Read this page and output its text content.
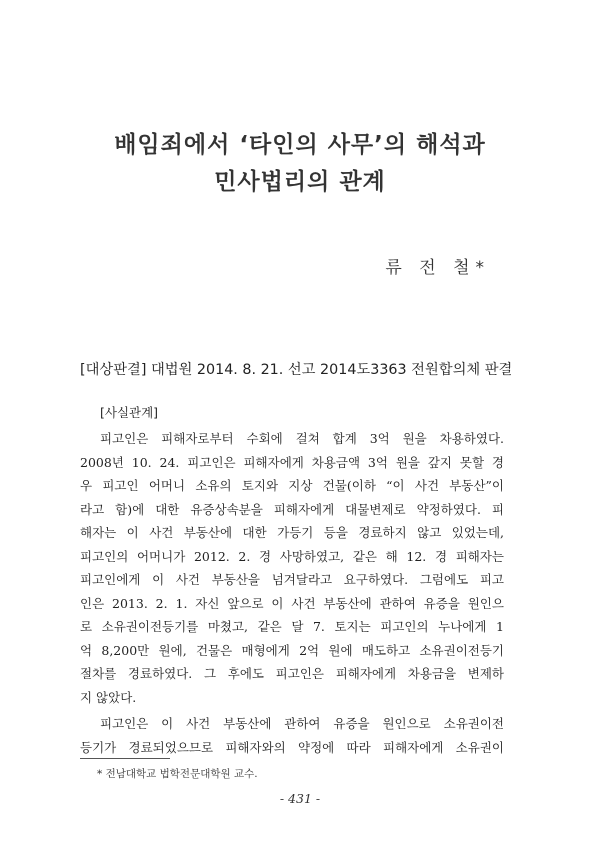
배임죄에서 ‘타인의 사무’의 해석과
민사법리의 관계
류 전 철*
[대상판결] 대법원 2014. 8. 21. 선고 2014도3363 전원합의체 판결
[사실관계]
피고인은 피해자로부터 수회에 걸쳐 합계 3억 원을 차용하였다.
2008년 10. 24. 피고인은 피해자에게 차용금액 3억 원을 갚지 못할 경
우 피고인 어머니 소유의 토지와 지상 건물(이하 “이 사건 부동산”이
라고 함)에 대한 유증상속분을 피해자에게 대물변제로 약정하였다. 피
해자는 이 사건 부동산에 대한 가등기 등을 경료하지 않고 있었는데,
피고인의 어머니가 2012. 2. 경 사망하였고, 같은 해 12. 경 피해자는
피고인에게 이 사건 부동산을 넘겨달라고 요구하였다. 그럼에도 피고
인은 2013. 2. 1. 자신 앞으로 이 사건 부동산에 관하여 유증을 원인으
로 소유권이전등기를 마쳤고, 같은 달 7. 토지는 피고인의 누나에게 1
억 8,200만 원에, 건물은 매형에게 2억 원에 매도하고 소유권이전등기
절차를 경료하였다. 그 후에도 피고인은 피해자에게 차용금을 변제하
지 않았다.
피고인은 이 사건 부동산에 관하여 유증을 원인으로 소유권이전
등기가 경료되었으므로 피해자와의 약정에 따라 피해자에게 소유권이
* 전남대학교 법학전문대학원 교수.
- 431 -
